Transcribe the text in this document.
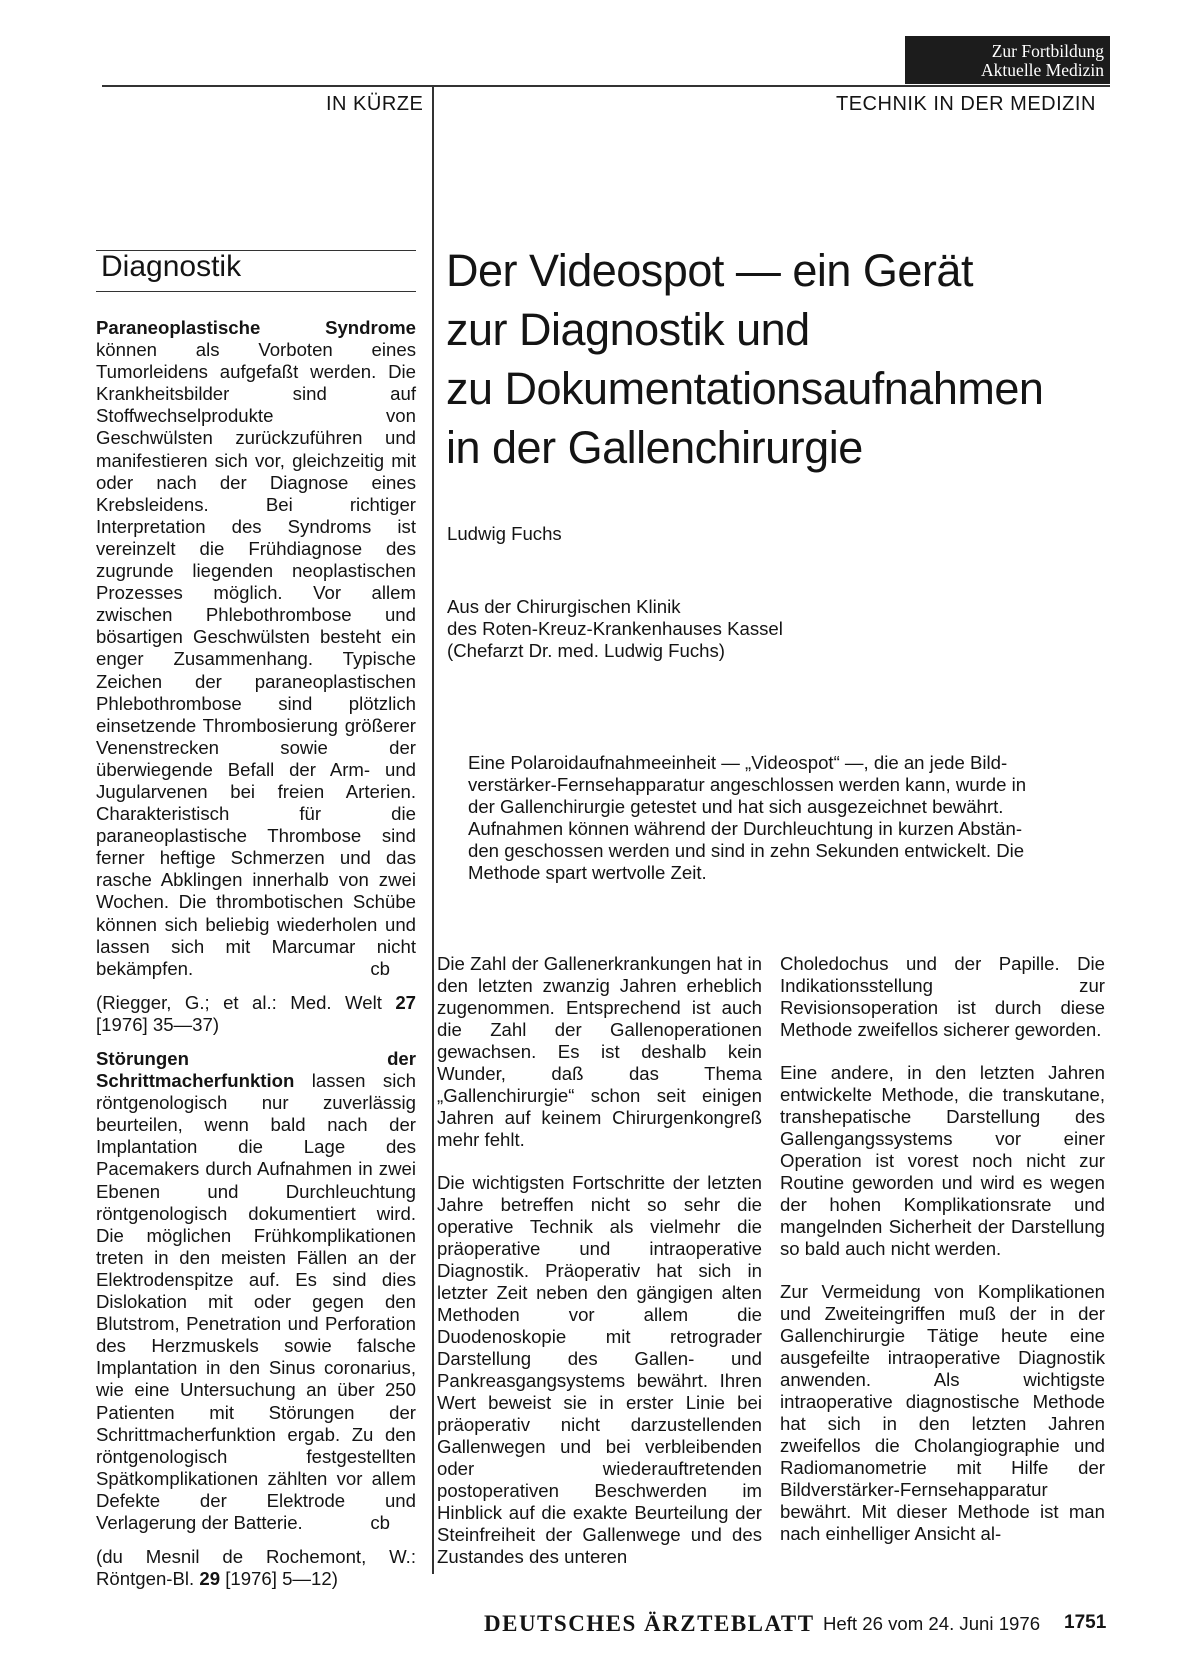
Zur Fortbildung
Aktuelle Medizin
IN KÜRZE	TECHNIK IN DER MEDIZIN
Diagnostik

Paraneoplastische Syndrome können als Vorboten eines Tumorleidens aufgefaßt werden. Die Krankheitsbilder sind auf Stoffwechselprodukte von Geschwülsten zurückzuführen und manifestieren sich vor, gleichzeitig mit oder nach der Diagnose eines Krebsleidens. Bei richtiger Interpretation des Syndroms ist vereinzelt die Frühdiagnose des zugrunde liegenden neoplastischen Prozesses möglich. Vor allem zwischen Phlebothrombose und bösartigen Geschwülsten besteht ein enger Zusammenhang. Typische Zeichen der paraneoplastischen Phlebothrombose sind plötzlich einsetzende Thrombosierung größerer Venenstrecken sowie der überwiegende Befall der Arm- und Jugularvenen bei freien Arterien. Charakteristisch für die paraneoplastische Thrombose sind ferner heftige Schmerzen und das rasche Abklingen innerhalb von zwei Wochen. Die thrombotischen Schübe können sich beliebig wiederholen und lassen sich mit Marcumar nicht bekämpfen.	cb

(Riegger, G.; et al.: Med. Welt 27 [1976] 35—37)

Störungen der Schrittmacherfunktion lassen sich röntgenologisch nur zuverlässig beurteilen, wenn bald nach der Implantation die Lage des Pacemakers durch Aufnahmen in zwei Ebenen und Durchleuchtung röntgenologisch dokumentiert wird. Die möglichen Frühkomplikationen treten in den meisten Fällen an der Elektrodenspitze auf. Es sind dies Dislokation mit oder gegen den Blutstrom, Penetration und Perforation des Herzmuskels sowie falsche Implantation in den Sinus coronarius, wie eine Untersuchung an über 250 Patienten mit Störungen der Schrittmacherfunktion ergab. Zu den röntgenologisch festgestellten Spätkomplikationen zählten vor allem Defekte der Elektrode und Verlagerung der Batterie.	cb

(du Mesnil de Rochemont, W.: Röntgen-Bl. 29 [1976] 5—12)

Der Videospot — ein Gerät
zur Diagnostik und
zu Dokumentationsaufnahmen
in der Gallenchirurgie
Ludwig Fuchs
Aus der Chirurgischen Klinik
des Roten-Kreuz-Krankenhauses Kassel
(Chefarzt Dr. med. Ludwig Fuchs)
Eine Polaroidaufnahmeeinheit — „Videospot“ —, die an jede Bild-
verstärker-Fernsehapparatur angeschlossen werden kann, wurde in
der Gallenchirurgie getestet und hat sich ausgezeichnet bewährt.
Aufnahmen können während der Durchleuchtung in kurzen Abstän-
den geschossen werden und sind in zehn Sekunden entwickelt. Die
Methode spart wertvolle Zeit.

Die Zahl der Gallenerkrankungen hat in den letzten zwanzig Jahren erheblich zugenommen. Entsprechend ist auch die Zahl der Gallenoperationen gewachsen. Es ist deshalb kein Wunder, daß das Thema „Gallenchirurgie“ schon seit einigen Jahren auf keinem Chirurgenkongreß mehr fehlt.

Die wichtigsten Fortschritte der letzten Jahre betreffen nicht so sehr die operative Technik als vielmehr die präoperative und intraoperative Diagnostik. Präoperativ hat sich in letzter Zeit neben den gängigen alten Methoden vor allem die Duodenoskopie mit retrograder Darstellung des Gallen- und Pankreasgangsystems bewährt. Ihren Wert beweist sie in erster Linie bei präoperativ nicht darzustellenden Gallenwegen und bei verbleibenden oder wiederauftretenden postoperativen Beschwerden im Hinblick auf die exakte Beurteilung der Steinfreiheit der Gallenwege und des Zustandes des unteren

Choledochus und der Papille. Die Indikationsstellung zur Revisionsoperation ist durch diese Methode zweifellos sicherer geworden.

Eine andere, in den letzten Jahren entwickelte Methode, die transkutane, transhepatische Darstellung des Gallengangssystems vor einer Operation ist vorest noch nicht zur Routine geworden und wird es wegen der hohen Komplikationsrate und mangelnden Sicherheit der Darstellung so bald auch nicht werden.

Zur Vermeidung von Komplikationen und Zweiteingriffen muß der in der Gallenchirurgie Tätige heute eine ausgefeilte intraoperative Diagnostik anwenden. Als wichtigste intraoperative diagnostische Methode hat sich in den letzten Jahren zweifellos die Cholangiographie und Radiomanometrie mit Hilfe der Bildverstärker-Fernsehapparatur bewährt. Mit dieser Methode ist man nach einhelliger Ansicht al-

DEUTSCHES ÄRZTEBLATT Heft 26 vom 24. Juni 1976 1751
